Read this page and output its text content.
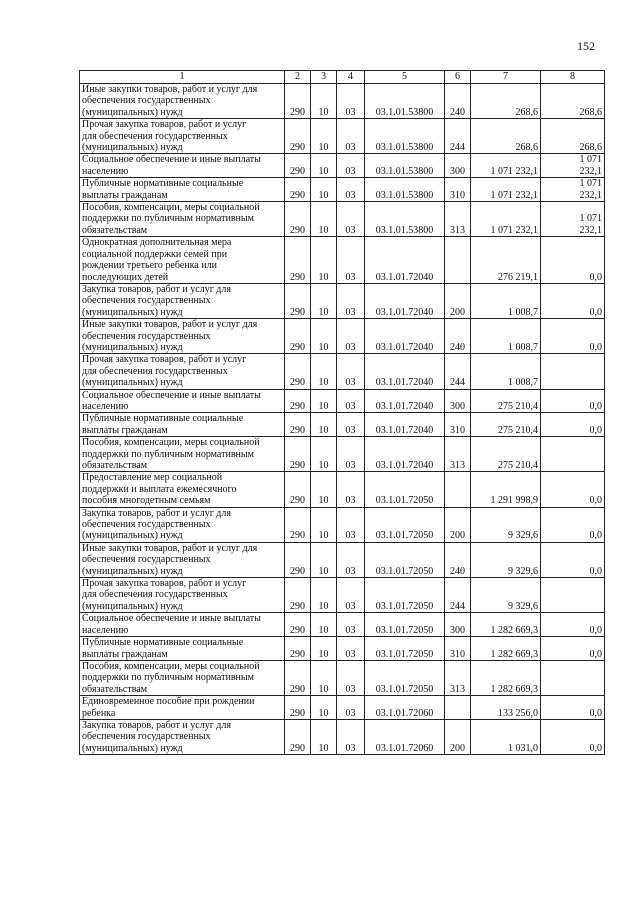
152
1	2	3	4	5	6	7	8
Иные закупки товаров, работ и услуг для
обеспечения государственных
(муниципальных) нужд	290	10	03	03.1.01.53800	240	268,6	268,6
Прочая закупка товаров, работ и услуг
для обеспечения государственных
(муниципальных) нужд	290	10	03	03.1.01.53800	244	268,6	268,6
Социальное обеспечение и иные выплаты
населению	290	10	03	03.1.01.53800	300	1 071 232,1	1 071
232,1
Публичные нормативные социальные
выплаты гражданам	290	10	03	03.1.01.53800	310	1 071 232,1	1 071
232,1
Пособия, компенсации, меры социальной
поддержки по публичным нормативным
обязательствам	290	10	03	03.1.01.53800	313	1 071 232,1	1 071
232,1
Однократная дополнительная мера
социальной поддержки семей при
рождении третьего ребенка или
последующих детей	290	10	03	03.1.01.72040		276 219,1	0,0
Закупка товаров, работ и услуг для
обеспечения государственных
(муниципальных) нужд	290	10	03	03.1.01.72040	200	1 008,7	0,0
Иные закупки товаров, работ и услуг для
обеспечения государственных
(муниципальных) нужд	290	10	03	03.1.01.72040	240	1 008,7	0,0
Прочая закупка товаров, работ и услуг
для обеспечения государственных
(муниципальных) нужд	290	10	03	03.1.01.72040	244	1 008,7	
Социальное обеспечение и иные выплаты
населению	290	10	03	03.1.01.72040	300	275 210,4	0,0
Публичные нормативные социальные
выплаты гражданам	290	10	03	03.1.01.72040	310	275 210,4	0,0
Пособия, компенсации, меры социальной
поддержки по публичным нормативным
обязательствам	290	10	03	03.1.01.72040	313	275 210,4	
Предоставление мер социальной
поддержки и выплата ежемесячного
пособия многодетным семьям	290	10	03	03.1.01.72050		1 291 998,9	0,0
Закупка товаров, работ и услуг для
обеспечения государственных
(муниципальных) нужд	290	10	03	03.1.01.72050	200	9 329,6	0,0
Иные закупки товаров, работ и услуг для
обеспечения государственных
(муниципальных) нужд	290	10	03	03.1.01.72050	240	9 329,6	0,0
Прочая закупка товаров, работ и услуг
для обеспечения государственных
(муниципальных) нужд	290	10	03	03.1.01.72050	244	9 329,6	
Социальное обеспечение и иные выплаты
населению	290	10	03	03.1.01.72050	300	1 282 669,3	0,0
Публичные нормативные социальные
выплаты гражданам	290	10	03	03.1.01.72050	310	1 282 669,3	0,0
Пособия, компенсации, меры социальной
поддержки по публичным нормативным
обязательствам	290	10	03	03.1.01.72050	313	1 282 669,3	
Единовременное пособие при рождении
ребенка	290	10	03	03.1.01.72060		133 256,0	0,0
Закупка товаров, работ и услуг для
обеспечения государственных
(муниципальных) нужд	290	10	03	03.1.01.72060	200	1 031,0	0,0
